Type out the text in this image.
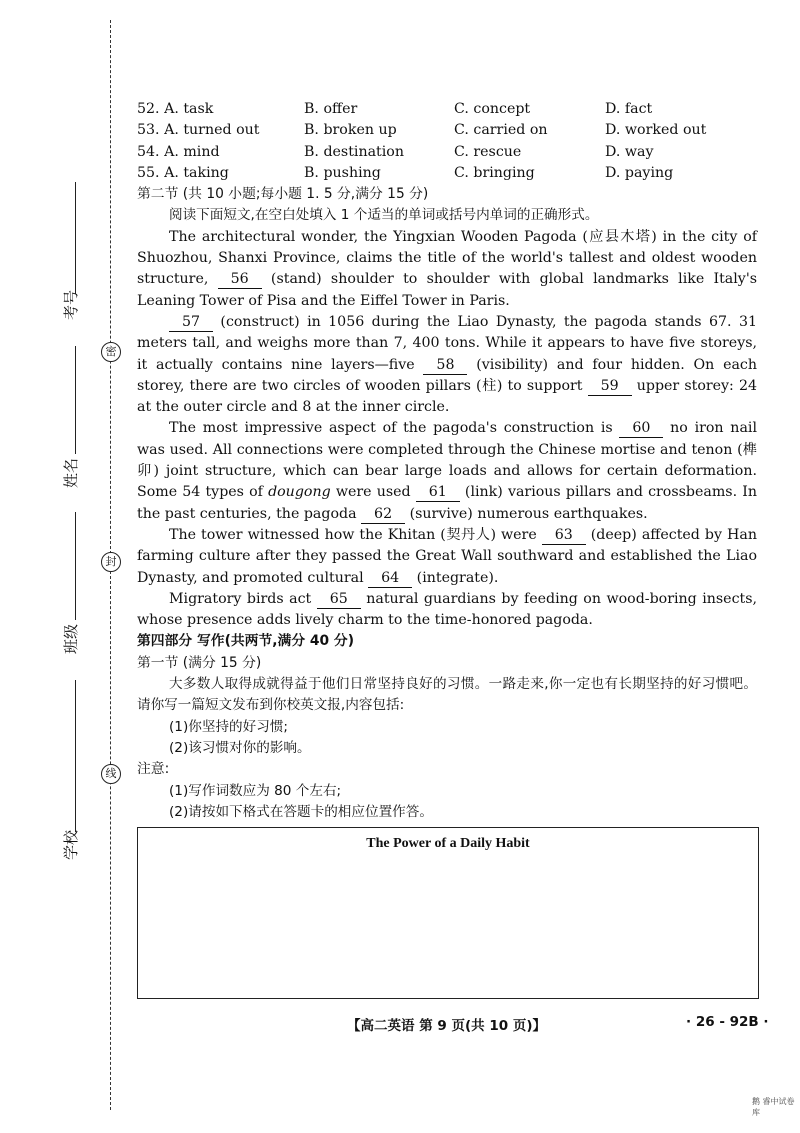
考号
姓名
班级
学校
密
封
线
52. A. task	B. offer	C. concept	D. fact
53. A. turned out	B. broken up	C. carried on	D. worked out
54. A. mind	B. destination	C. rescue	D. way
55. A. taking	B. pushing	C. bringing	D. paying
第二节 (共 10 小题;每小题 1. 5 分,满分 15 分)
阅读下面短文,在空白处填入 1 个适当的单词或括号内单词的正确形式。
The architectural wonder, the Yingxian Wooden Pagoda (应县木塔) in the city of Shuozhou, Shanxi Province, claims the title of the world's tallest and oldest wooden structure, 56 (stand) shoulder to shoulder with global landmarks like Italy's Leaning Tower of Pisa and the Eiffel Tower in Paris.
57 (construct) in 1056 during the Liao Dynasty, the pagoda stands 67. 31 meters tall, and weighs more than 7, 400 tons. While it appears to have five storeys, it actually contains nine layers—five 58 (visibility) and four hidden. On each storey, there are two circles of wooden pillars (柱) to support 59 upper storey: 24 at the outer circle and 8 at the inner circle.
The most impressive aspect of the pagoda's construction is 60 no iron nail was used. All connections were completed through the Chinese mortise and tenon (榫卯) joint structure, which can bear large loads and allows for certain deformation. Some 54 types of dougong were used 61 (link) various pillars and crossbeams. In the past centuries, the pagoda 62 (survive) numerous earthquakes.
The tower witnessed how the Khitan (契丹人) were 63 (deep) affected by Han farming culture after they passed the Great Wall southward and established the Liao Dynasty, and promoted cultural 64 (integrate).
Migratory birds act 65 natural guardians by feeding on wood-boring insects, whose presence adds lively charm to the time-honored pagoda.
第四部分 写作(共两节,满分 40 分)
第一节 (满分 15 分)
大多数人取得成就得益于他们日常坚持良好的习惯。一路走来,你一定也有长期坚持的好习惯吧。请你写一篇短文发布到你校英文报,内容包括:
(1)你坚持的好习惯;
(2)该习惯对你的影响。
注意:
(1)写作词数应为 80 个左右;
(2)请按如下格式在答题卡的相应位置作答。
The Power of a Daily Habit
【高二英语 第 9 页(共 10 页)】	· 26 - 92B ·
鹅 睿中试卷库
